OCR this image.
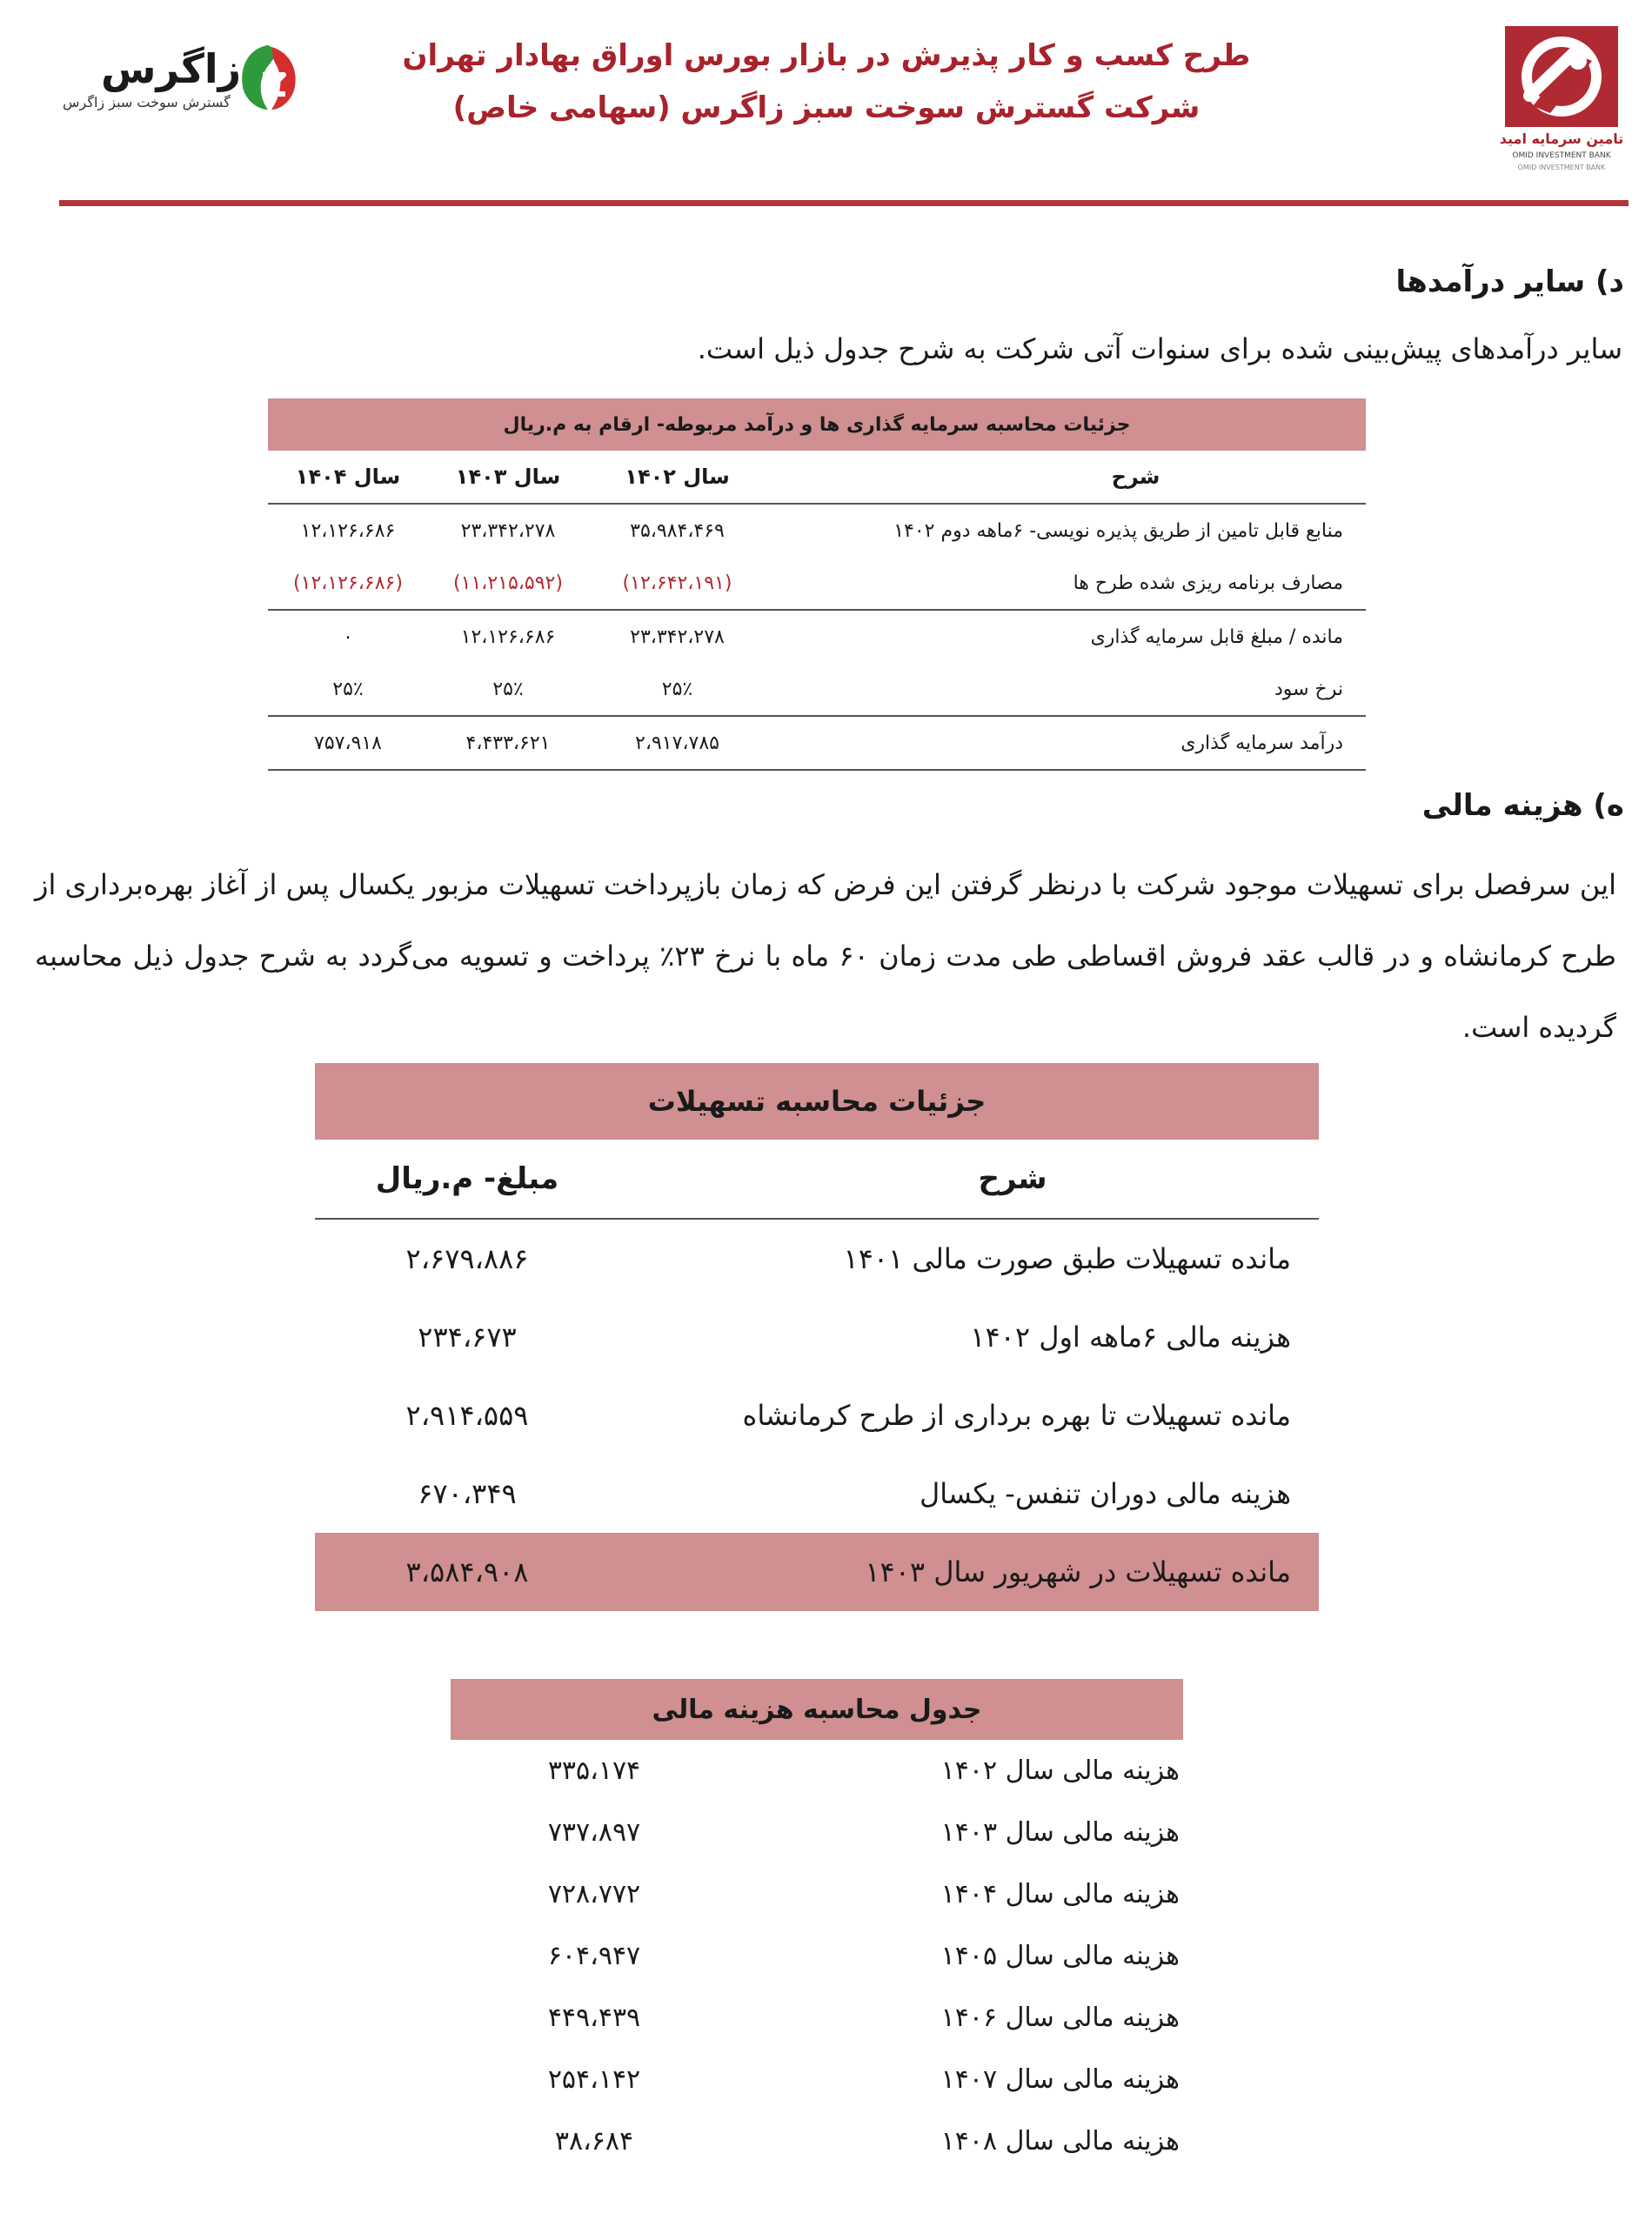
زاگرس
گسترش سوخت سبز زاگرس
طرح کسب و کار پذیرش در بازار بورس اوراق بهادار تهران
شرکت گسترش سوخت سبز زاگرس (سهامی خاص)
تامین سرمایه امید
OMID INVESTMENT BANK
OMID INVESTMENT BANK
د) سایر درآمدها
سایر درآمدهای پیش‌بینی شده برای سنوات آتی شرکت به شرح جدول ذیل است.
جزئیات محاسبه سرمایه گذاری ها و درآمد مربوطه- ارقام به م.ریال
شرح
سال ۱۴۰۲
سال ۱۴۰۳
سال ۱۴۰۴
منابع قابل تامین از طریق پذیره نویسی- ۶ماهه دوم ۱۴۰۲
۳۵،۹۸۴،۴۶۹
۲۳،۳۴۲،۲۷۸
۱۲،۱۲۶،۶۸۶
مصارف برنامه ریزی شده طرح ها
(۱۲،۶۴۲،۱۹۱)
(۱۱،۲۱۵،۵۹۲)
(۱۲،۱۲۶،۶۸۶)
مانده / مبلغ قابل سرمایه گذاری
۲۳،۳۴۲،۲۷۸
۱۲،۱۲۶،۶۸۶
۰
نرخ سود
۲۵٪
۲۵٪
۲۵٪
درآمد سرمایه گذاری
۲،۹۱۷،۷۸۵
۴،۴۳۳،۶۲۱
۷۵۷،۹۱۸
ه) هزینه مالی
این سرفصل برای تسهیلات موجود شرکت با درنظر گرفتن این فرض که زمان بازپرداخت تسهیلات مزبور یکسال پس از آغاز بهره‌برداری از طرح کرمانشاه و در قالب عقد فروش اقساطی طی مدت زمان ۶۰ ماه با نرخ ۲۳٪ پرداخت و تسویه می‌گردد به شرح جدول ذیل محاسبه گردیده است.
جزئیات محاسبه تسهیلات
شرح
مبلغ- م.ریال
مانده تسهیلات طبق صورت مالی ۱۴۰۱
۲،۶۷۹،۸۸۶
هزینه مالی ۶ماهه اول ۱۴۰۲
۲۳۴،۶۷۳
مانده تسهیلات تا بهره برداری از طرح کرمانشاه
۲،۹۱۴،۵۵۹
هزینه مالی دوران تنفس- یکسال
۶۷۰،۳۴۹
مانده تسهیلات در شهریور سال ۱۴۰۳
۳،۵۸۴،۹۰۸
جدول محاسبه هزینه مالی
هزینه مالی سال ۱۴۰۲
۳۳۵،۱۷۴
هزینه مالی سال ۱۴۰۳
۷۳۷،۸۹۷
هزینه مالی سال ۱۴۰۴
۷۲۸،۷۷۲
هزینه مالی سال ۱۴۰۵
۶۰۴،۹۴۷
هزینه مالی سال ۱۴۰۶
۴۴۹،۴۳۹
هزینه مالی سال ۱۴۰۷
۲۵۴،۱۴۲
هزینه مالی سال ۱۴۰۸
۳۸،۶۸۴
